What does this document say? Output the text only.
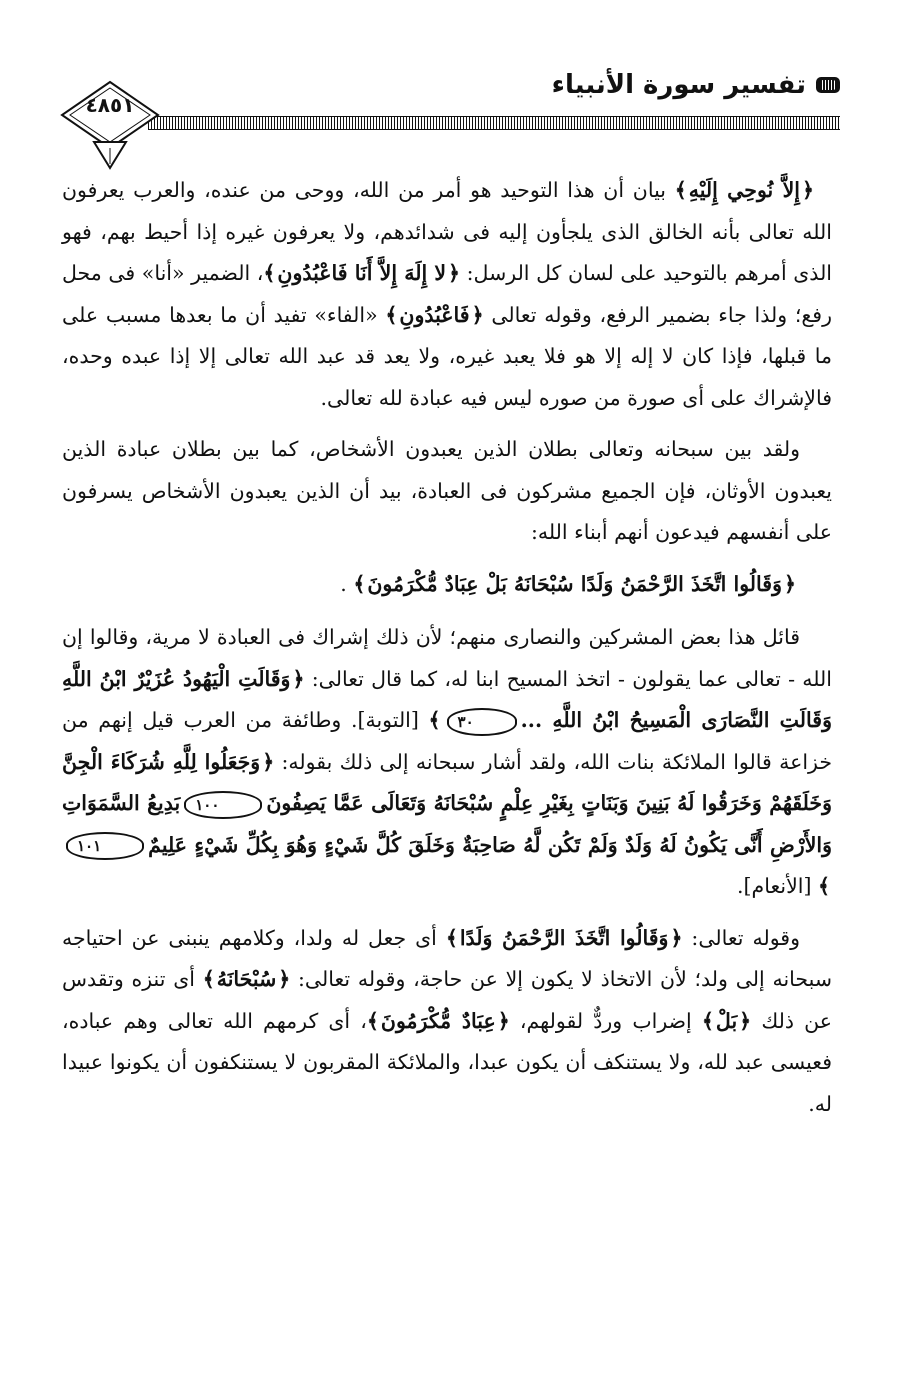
تفسير سورة الأنبياء
٤٨٥١

﴿ إِلاَّ نُوحِي إِلَيْهِ ﴾ بيان أن هذا التوحيد هو أمر من الله، ووحى من عنده، والعرب يعرفون الله تعالى بأنه الخالق الذى يلجأون إليه فى شدائدهم، ولا يعرفون غيره إذا أحيط بهم، فهو الذى أمرهم بالتوحيد على لسان كل الرسل: ﴿ لا إِلَهَ إِلاَّ أَنَا فَاعْبُدُونِ ﴾، الضمير «أنا» فى محل رفع؛ ولذا جاء بضمير الرفع، وقوله تعالى ﴿ فَاعْبُدُونِ ﴾ «الفاء» تفيد أن ما بعدها مسبب على ما قبلها، فإذا كان لا إله إلا هو فلا يعبد غيره، ولا يعد قد عبد الله تعالى إلا إذا عبده وحده، فالإشراك على أى صورة من صوره ليس فيه عبادة لله تعالى.

ولقد بين سبحانه وتعالى بطلان الذين يعبدون الأشخاص، كما بين بطلان عبادة الذين يعبدون الأوثان، فإن الجميع مشركون فى العبادة، بيد أن الذين يعبدون الأشخاص يسرفون على أنفسهم فيدعون أنهم أبناء الله:

﴿ وَقَالُوا اتَّخَذَ الرَّحْمَنُ وَلَدًا سُبْحَانَهُ بَلْ عِبَادٌ مُّكْرَمُونَ ﴾ .

قائل هذا بعض المشركين والنصارى منهم؛ لأن ذلك إشراك فى العبادة لا مرية، وقالوا إن الله - تعالى عما يقولون - اتخذ المسيح ابنا له، كما قال تعالى: ﴿ وَقَالَتِ الْيَهُودُ عُزَيْرٌ ابْنُ اللَّهِ وَقَالَتِ النَّصَارَى الْمَسِيحُ ابْنُ اللَّهِ ...٣٠ ﴾ [التوبة]. وطائفة من العرب قيل إنهم من خزاعة قالوا الملائكة بنات الله، ولقد أشار سبحانه إلى ذلك بقوله: ﴿ وَجَعَلُوا لِلَّهِ شُرَكَاءَ الْجِنَّ وَخَلَقَهُمْ وَخَرَقُوا لَهُ بَنِينَ وَبَنَاتٍ بِغَيْرِ عِلْمٍ سُبْحَانَهُ وَتَعَالَى عَمَّا يَصِفُونَ١٠٠بَدِيعُ السَّمَوَاتِ وَالأَرْضِ أَنَّى يَكُونُ لَهُ وَلَدٌ وَلَمْ تَكُن لَّهُ صَاحِبَةٌ وَخَلَقَ كُلَّ شَيْءٍ وَهُوَ بِكُلِّ شَيْءٍ عَلِيمٌ١٠١ ﴾ [الأنعام].

وقوله تعالى: ﴿ وَقَالُوا اتَّخَذَ الرَّحْمَنُ وَلَدًا ﴾ أى جعل له ولدا، وكلامهم ينبنى عن احتياجه سبحانه إلى ولد؛ لأن الاتخاذ لا يكون إلا عن حاجة، وقوله تعالى: ﴿ سُبْحَانَهُ ﴾ أى تنزه وتقدس عن ذلك ﴿ بَلْ ﴾ إضراب وردٌّ لقولهم، ﴿ عِبَادٌ مُّكْرَمُونَ ﴾، أى كرمهم الله تعالى وهم عباده، فعيسى عبد لله، ولا يستنكف أن يكون عبدا، والملائكة المقربون لا يستنكفون أن يكونوا عبيدا له.
